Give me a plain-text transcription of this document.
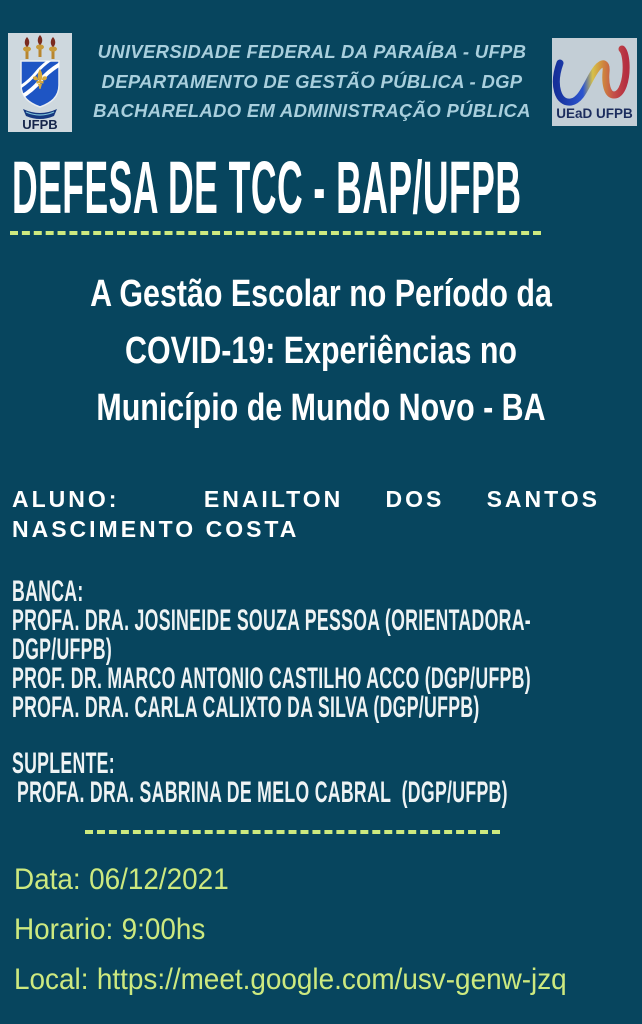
UFPB
UNIVERSIDADE FEDERAL DA PARAÍBA - UFPB
DEPARTAMENTO DE GESTÃO PÚBLICA - DGP
BACHARELADO EM ADMINISTRAÇÃO PÚBLICA	UEaD UFPB
DEFESA DE TCC - BAP/UFPB
A Gestão Escolar no Período da
COVID-19: Experiências no
Município de Mundo Novo - BA
ALUNO:  ENAILTON DOS SANTOS
NASCIMENTO COSTA
BANCA:
PROFA. DRA. JOSINEIDE SOUZA PESSOA (ORIENTADORA-
DGP/UFPB)
PROF. DR. MARCO ANTONIO CASTILHO ACCO (DGP/UFPB)
PROFA. DRA. CARLA CALIXTO DA SILVA (DGP/UFPB)
SUPLENTE:
PROFA. DRA. SABRINA DE MELO CABRAL  (DGP/UFPB)
Data: 06/12/2021
Horario: 9:00hs
Local: https://meet.google.com/usv-genw-jzq
